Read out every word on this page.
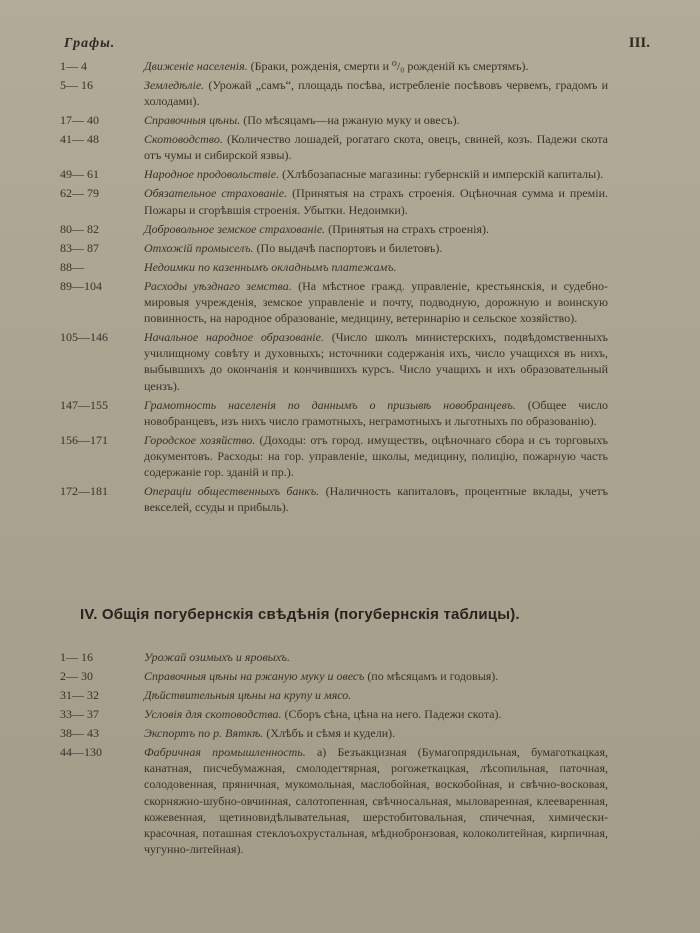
Графы.	III.
1— 4	Движенiе населенiя. (Браки, рожденiя, смерти и ⁰/₀ рожденiй къ смертямъ).
5— 16	Земледѣлiе. (Урожай „самъ“, площадь посѣва, истребленiе посѣвовъ червемъ, градомъ и холодами).
17— 40	Справочныя цѣны. (По мѣсяцамъ—на ржаную муку и овесъ).
41— 48	Скотоводство. (Количество лошадей, рогатаго скота, овецъ, свиней, козъ. Падежи скота отъ чумы и сибирской язвы).
49— 61	Народное продовольствiе. (Хлѣбозапасные магазины: губернскiй и имперскiй капиталы).
62— 79	Обязательное страхованiе. (Принятыя на страхъ строенiя. Оцѣночная сумма и премiи. Пожары и сгорѣвшiя строенiя. Убытки. Недоимки).
80— 82	Добровольное земское страхованiе. (Принятыя на страхъ строенiя).
83— 87	Отхожiй промыселъ. (По выдачѣ паспортовъ и билетовъ).
88—	Недоимки по казеннымъ окладнымъ платежамъ.
89—104	Расходы уѣзднаго земства. (На мѣстное гражд. управленiе, крестьянскiя, и судебно-мировыя учрежденiя, земское управленiе и почту, подводную, дорожную и воинскую повинность, на народное образованiе, медицину, ветеринарiю и сельское хозяйство).
105—146	Начальное народное образованiе. (Число школъ министерскихъ, подвѣдомственныхъ училищному совѣту и духовныхъ; источники содержанiя ихъ, число учащихся въ нихъ, выбывшихъ до окончанiя и кончившихъ курсъ. Число учащихъ и ихъ образовательный цензъ).
147—155	Грамотность населенiя по даннымъ о призывѣ новобранцевъ. (Общее число новобранцевъ, изъ нихъ число грамотныхъ, неграмотныхъ и льготныхъ по образованiю).
156—171	Городское хозяйство. (Доходы: отъ город. имуществъ, оцѣночнаго сбора и съ торговыхъ документовъ. Расходы: на гор. управленiе, школы, медицину, полицiю, пожарную часть содержанiе гор. зданiй и пр.).
172—181	Операцiи общественныхъ банкъ. (Наличность капиталовъ, процентные вклады, учетъ векселей, ссуды и прибыль).
IV. Общiя погубернскiя свѣдѣнiя (погубернскiя таблицы).
1— 16	Урожай озимыхъ и яровыхъ.
2— 30	Справочныя цѣны на ржаную муку и овесъ (по мѣсяцамъ и годовыя).
31— 32	Дѣйствительныя цѣны на крупу и мясо.
33— 37	Условiя для скотоводства. (Сборъ сѣна, цѣна на него. Падежи скота).
38— 43	Экспортъ по р. Вяткѣ. (Хлѣбъ и сѣмя и кудели).
44—130	Фабричная промышленность. a) Безъакцизная (Бумагопрядильная, бумаготкацкая, канатная, писчебумажная, смолодегтярная, рогожеткацкая, лѣсопильная, паточная, солодовенная, пряничная, мукомольная, маслобойная, воскобойная, и свѣчно-восковая, скорняжно-шубно-овчинная, салотопенная, свѣчносальная, мыловаренная, клееваренная, кожевенная, щетиновидѣлывательная, шерстобитовальная, спичечная, химически-красочная, поташная стеклоъохрустальная, мѣднобронзовая, колоколитейная, кирпичная, чугунно-литейная).
